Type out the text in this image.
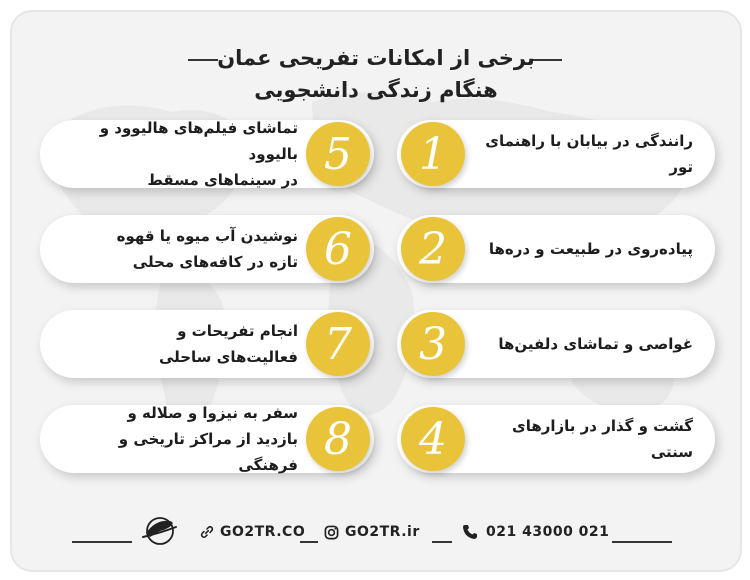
برخی از امکانات تفریحی عمان
هنگام زندگی دانشجویی
رانندگی در بیابان با راهنمای تور
1
پیاده‌روی در طبیعت و دره‌ها
2
غواصی و تماشای دلفین‌ها
3
گشت و گذار در بازارهای سنتی
4
تماشای فیلم‌های هالیوود و بالیوود
در سینماهای مسقط
5
نوشیدن آب میوه یا قهوه
تازه در کافه‌های محلی 6
انجام تفریحات و
فعالیت‌های ساحلی 7
سفر به نیزوا و صلاله و
بازدید از مراکز تاریخی و فرهنگی
8
021 43000 021
GO2TR.ir
GO2TR.CO
